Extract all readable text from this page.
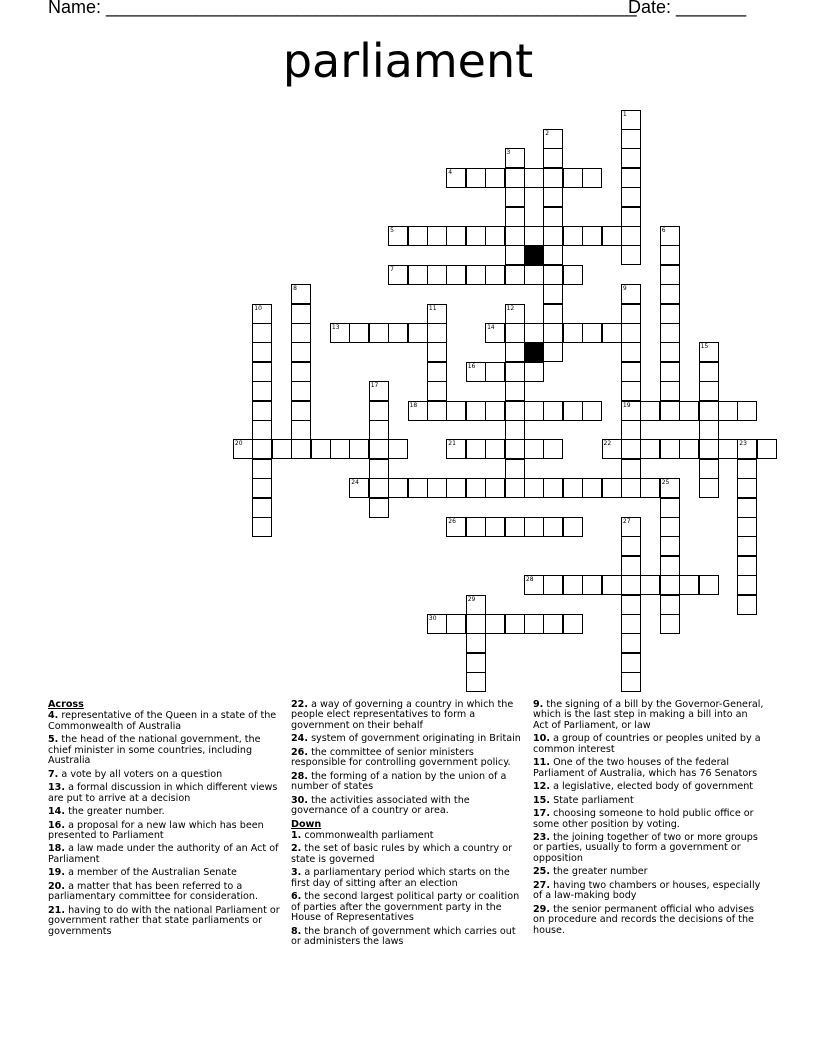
Name: _____________________________________________________
Date: _______
parliament
1
2
3
4
5	6
7
8	9
10	11	12
13	14
15
16
17
18	19
20	21	22	23
24	25
26	27
28
29
30
Across
4. representative of the Queen in a state of the Commonwealth of Australia
5. the head of the national government, the chief minister in some countries, including Australia
7. a vote by all voters on a question
13. a formal discussion in which different views are put to arrive at a decision
14. the greater number.
16. a proposal for a new law which has been presented to Parliament
18. a law made under the authority of an Act of Parliament
19. a member of the Australian Senate
20. a matter that has been referred to a parliamentary committee for consideration.
21. having to do with the national Parliament or government rather that state parliaments or governments
22. a way of governing a country in which the people elect representatives to form a government on their behalf
24. system of government originating in Britain
26. the committee of senior ministers responsible for controlling government policy.
28. the forming of a nation by the union of a number of states
30. the activities associated with the governance of a country or area.
Down
1. commonwealth parliament
2. the set of basic rules by which a country or state is governed
3. a parliamentary period which starts on the first day of sitting after an election
6. the second largest political party or coalition of parties after the government party in the House of Representatives
8. the branch of government which carries out or administers the laws
9. the signing of a bill by the Governor-General, which is the last step in making a bill into an Act of Parliament, or law
10. a group of countries or peoples united by a common interest
11. One of the two houses of the federal Parliament of Australia, which has 76 Senators
12. a legislative, elected body of government
15. State parliament
17. choosing someone to hold public office or some other position by voting.
23. the joining together of two or more groups or parties, usually to form a government or opposition
25. the greater number
27. having two chambers or houses, especially of a law-making body
29. the senior permanent official who advises on procedure and records the decisions of the house.
